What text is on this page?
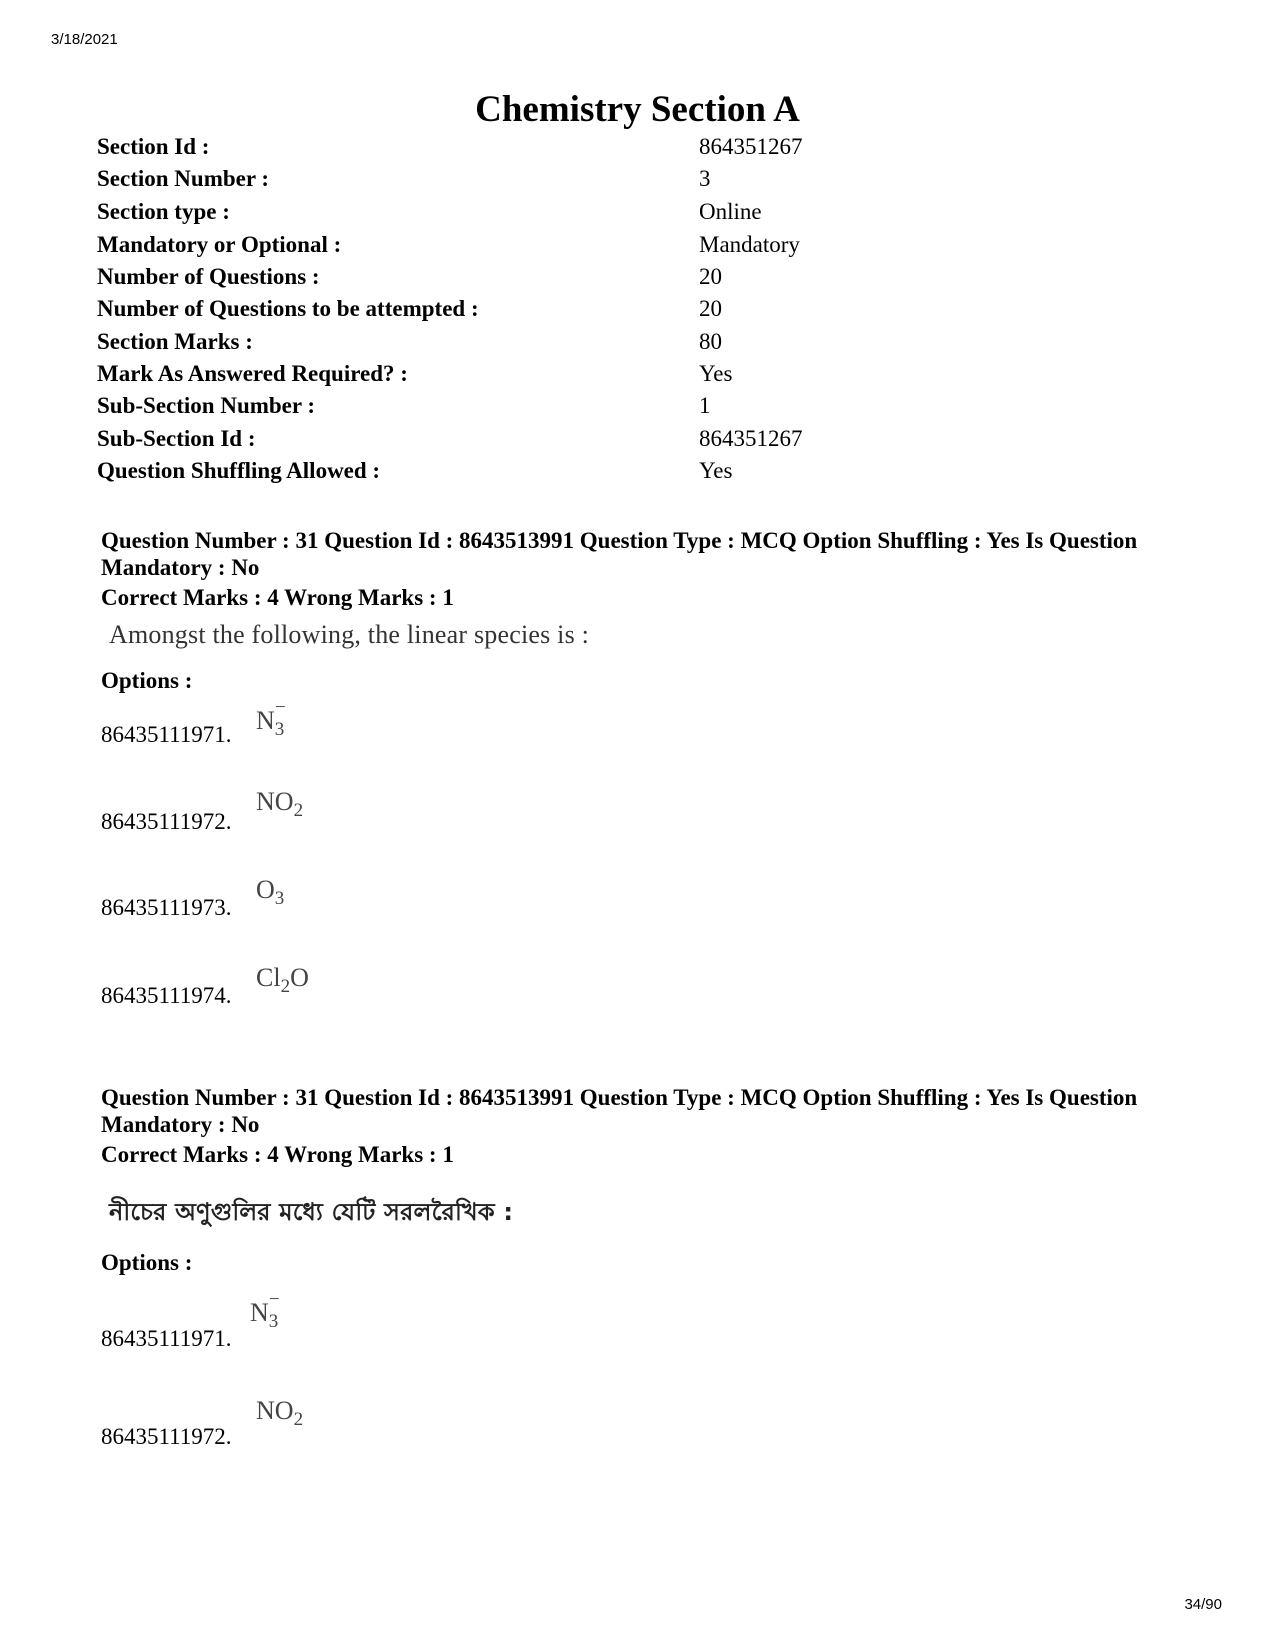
3/18/2021
Chemistry Section A
Section Id :	864351267
Section Number :	3
Section type :	Online
Mandatory or Optional :	Mandatory
Number of Questions :	20
Number of Questions to be attempted :	20
Section Marks :	80
Mark As Answered Required? :	Yes
Sub-Section Number :	1
Sub-Section Id :	864351267
Question Shuffling Allowed :	Yes
Question Number : 31 Question Id : 8643513991 Question Type : MCQ Option Shuffling : Yes Is Question Mandatory : No
Correct Marks : 4 Wrong Marks : 1
Amongst the following, the linear species is :
Options :
86435111971. $N_3$
−
86435111972.
$NO_2$
86435111973.
$O_3$
86435111974.
$Cl_2O$
Question Number : 31 Question Id : 8643513991 Question Type : MCQ Option Shuffling : Yes Is Question Mandatory : No
Correct Marks : 4 Wrong Marks : 1
নীচের অণুগুলির মধ্যে যেটি সরলরৈখিক :
Options :
86435111971.
$N_3$
−
86435111972.
$NO_2$
34/90
